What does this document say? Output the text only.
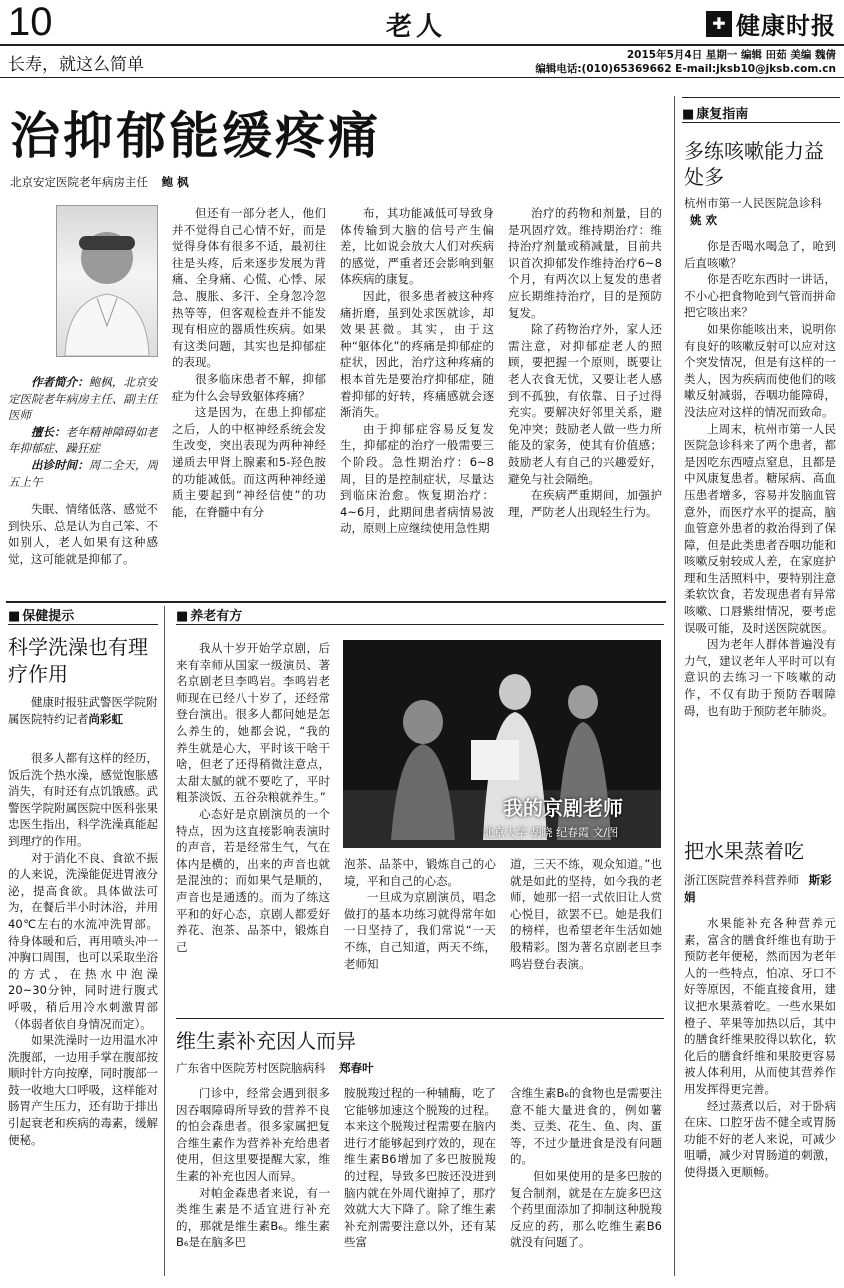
10	老人	✚ 健康时报
长寿，就这么简单	2015年5月4日 星期一 编辑 田茹 美编 魏倩
编辑电话:(010)65369662 E-mail:jksb10@jksb.com.cn
治抑郁能缓疼痛
北京安定医院老年病房主任 鲍 枫
作者简介：鲍枫，北京安定医院老年病房主任、副主任医师
擅长：老年精神障碍如老年抑郁症、躁狂症
出诊时间：周二全天，周五上午

失眠、情绪低落、感觉不到快乐、总是认为自己笨、不如别人，老人如果有这种感觉，这可能就是抑郁了。

但还有一部分老人，他们并不觉得自己心情不好，而是觉得身体有很多不适，最初往往是头疼，后来逐步发展为背痛、全身痛、心慌、心悸、尿急、腹胀、多汗、全身忽冷忽热等等，但客观检查并不能发现有相应的器质性疾病。如果有这类问题，其实也是抑郁症的表现。

很多临床患者不解，抑郁症为什么会导致躯体疼痛？

这是因为，在患上抑郁症之后，人的中枢神经系统会发生改变，突出表现为两种神经递质去甲肾上腺素和5-羟色胺的功能减低。而这两种神经递质主要起到“神经信使”的功能，在脊髓中有分

布，其功能减低可导致身体传输到大脑的信号产生偏差，比如说会放大人们对疾病的感觉，严重者还会影响到躯体疾病的康复。

因此，很多患者被这种疼痛折磨，虽到处求医就诊，却效果甚微。其实，由于这种“躯体化”的疼痛是抑郁症的症状，因此，治疗这种疼痛的根本首先是要治疗抑郁症，随着抑郁的好转，疼痛感就会逐渐消失。

由于抑郁症容易反复发生，抑郁症的治疗一般需要三个阶段。急性期治疗：6~8周，目的是控制症状，尽量达到临床治愈。恢复期治疗：4~6月，此期间患者病情易波动，原则上应继续使用急性期

治疗的药物和剂量，目的是巩固疗效。维持期治疗：维持治疗剂量或稍减量，目前共识首次抑郁发作维持治疗6~8个月，有两次以上复发的患者应长期维持治疗，目的是预防复发。

除了药物治疗外，家人还需注意，对抑郁症老人的照顾，要把握一个原则，既要让老人衣食无忧，又要让老人感到不孤独，有依靠、日子过得充实。要解决好邻里关系，避免冲突；鼓励老人做一些力所能及的家务，使其有价值感；鼓励老人有自己的兴趣爱好，避免与社会隔绝。

在疾病严重期间，加强护理，严防老人出现轻生行为。

■ 康复指南
多练咳嗽能力益处多
杭州市第一人民医院急诊科 姚 欢

你是否喝水喝急了，呛到后直咳嗽？

你是否吃东西时一讲话，不小心把食物呛到气管而拼命把它咳出来？

如果你能咳出来，说明你有良好的咳嗽反射可以应对这个突发情况，但是有这样的一类人，因为疾病而使他们的咳嗽反射减弱，吞咽功能障碍，没法应对这样的情况而致命。

上周末，杭州市第一人民医院急诊科来了两个患者，都是因吃东西噎点窒息，且都是中风康复患者。糖尿病、高血压患者增多，容易并发脑血管意外，而医疗水平的提高，脑血管意外患者的救治得到了保障，但是此类患者吞咽功能和咳嗽反射较成人差，在家庭护理和生活照料中，要特别注意柔软饮食，若发现患者有异常咳嗽、口唇紫绀情况，要考虑误吸可能，及时送医院就医。

因为老年人群体普遍没有力气，建议老年人平时可以有意识的去练习一下咳嗽的动作，不仅有助于预防吞咽障碍，也有助于预防老年肺炎。

把水果蒸着吃
浙江医院营养科营养师 斯彩娟

水果能补充各种营养元素，富含的膳食纤维也有助于预防老年便秘，然而因为老年人的一些特点，怕凉、牙口不好等原因，不能直接食用，建议把水果蒸着吃。一些水果如橙子、苹果等加热以后，其中的膳食纤维果胶得以软化，软化后的膳食纤维和果胶更容易被人体利用，从而使其营养作用发挥得更完善。

经过蒸煮以后，对于卧病在床、口腔牙齿不健全或胃肠功能不好的老人来说，可减少咀嚼，减少对胃肠道的刺激，使得摄入更顺畅。

■ 保健提示
科学洗澡也有理疗作用
健康时报驻武警医学院附属医院特约记者尚彩虹

很多人都有这样的经历，饭后洗个热水澡，感觉饱胀感消失，有时还有点饥饿感。武警医学院附属医院中医科张果忠医生指出，科学洗澡真能起到理疗的作用。

对于消化不良、食欲不振的人来说，洗澡能促进胃液分泌，提高食欲。具体做法可为，在餐后半小时沐浴，并用40℃左右的水流冲洗胃部。待身体暖和后，再用喷头冲一冲胸口周围，也可以采取坐浴的方式，在热水中泡澡20~30分钟，同时进行腹式呼吸，稍后用冷水刺激胃部（体弱者依自身情况而定）。

如果洗澡时一边用温水冲洗腹部，一边用手掌在腹部按顺时针方向按摩，同时腹部一鼓一收地大口呼吸，这样能对肠胃产生压力，还有助于排出引起衰老和疾病的毒素，缓解便秘。

■ 养老有方

我从十岁开始学京剧，后来有幸师从国家一级演员、著名京剧老旦李鸣岩。李鸣岩老师现在已经八十岁了，还经常登台演出。很多人都问她是怎么养生的，她都会说，“我的养生就是心大，平时该干啥干啥，但老了还得稍微注意点，太甜太腻的就不要吃了，平时粗茶淡饭、五谷杂粮就养生。”

心态好是京剧演员的一个特点，因为这直接影响表演时的声音，若是经常生气，气在体内是横的，出来的声音也就是混浊的；而如果气是顺的，声音也是通透的。而为了练这平和的好心态，京剧人都爱好养花、泡茶、品茶中，锻炼自己

我的京剧老师
北京大学 胡晓 纪春霞 文/图

泡茶、品茶中，锻炼自己的心境，平和自己的心态。

一旦成为京剧演员，唱念做打的基本功练习就得常年如一日坚持了，我们常说“一天不练，自己知道，两天不练，老师知

道，三天不练，观众知道。”也就是如此的坚持，如今我的老师，她那一招一式依旧让人赏心悦目，欲罢不已。她是我们的榜样，也希望老年生活如她般精彩。图为著名京剧老旦李鸣岩登台表演。

维生素补充因人而异
广东省中医院芳村医院脑病科 郑春叶

门诊中，经常会遇到很多因吞咽障碍所导致的营养不良的怕会森患者。很多家属把复合维生素作为营养补充给患者使用，但这里要提醒大家，维生素的补充也因人而异。

对帕金森患者来说，有一类维生素是不适宜进行补充的，那就是维生素B₆。维生素B₆是在脑多巴

胺脱羧过程的一种辅酶，吃了它能够加速这个脱羧的过程。本来这个脱羧过程需要在脑内进行才能够起到疗效的，现在维生素B6增加了多巴胺脱羧的过程，导致多巴胺还没进到脑内就在外周代谢掉了，那疗效就大大下降了。除了维生素补充剂需要注意以外，还有某些富

含维生素B₆的食物也是需要注意不能大量进食的，例如薯类、豆类、花生、鱼、肉、蛋等，不过少量进食是没有问题的。

但如果使用的是多巴胺的复合制剂，就是在左旋多巴这个药里面添加了抑制这种脱羧反应的药，那么吃维生素B6就没有问题了。
